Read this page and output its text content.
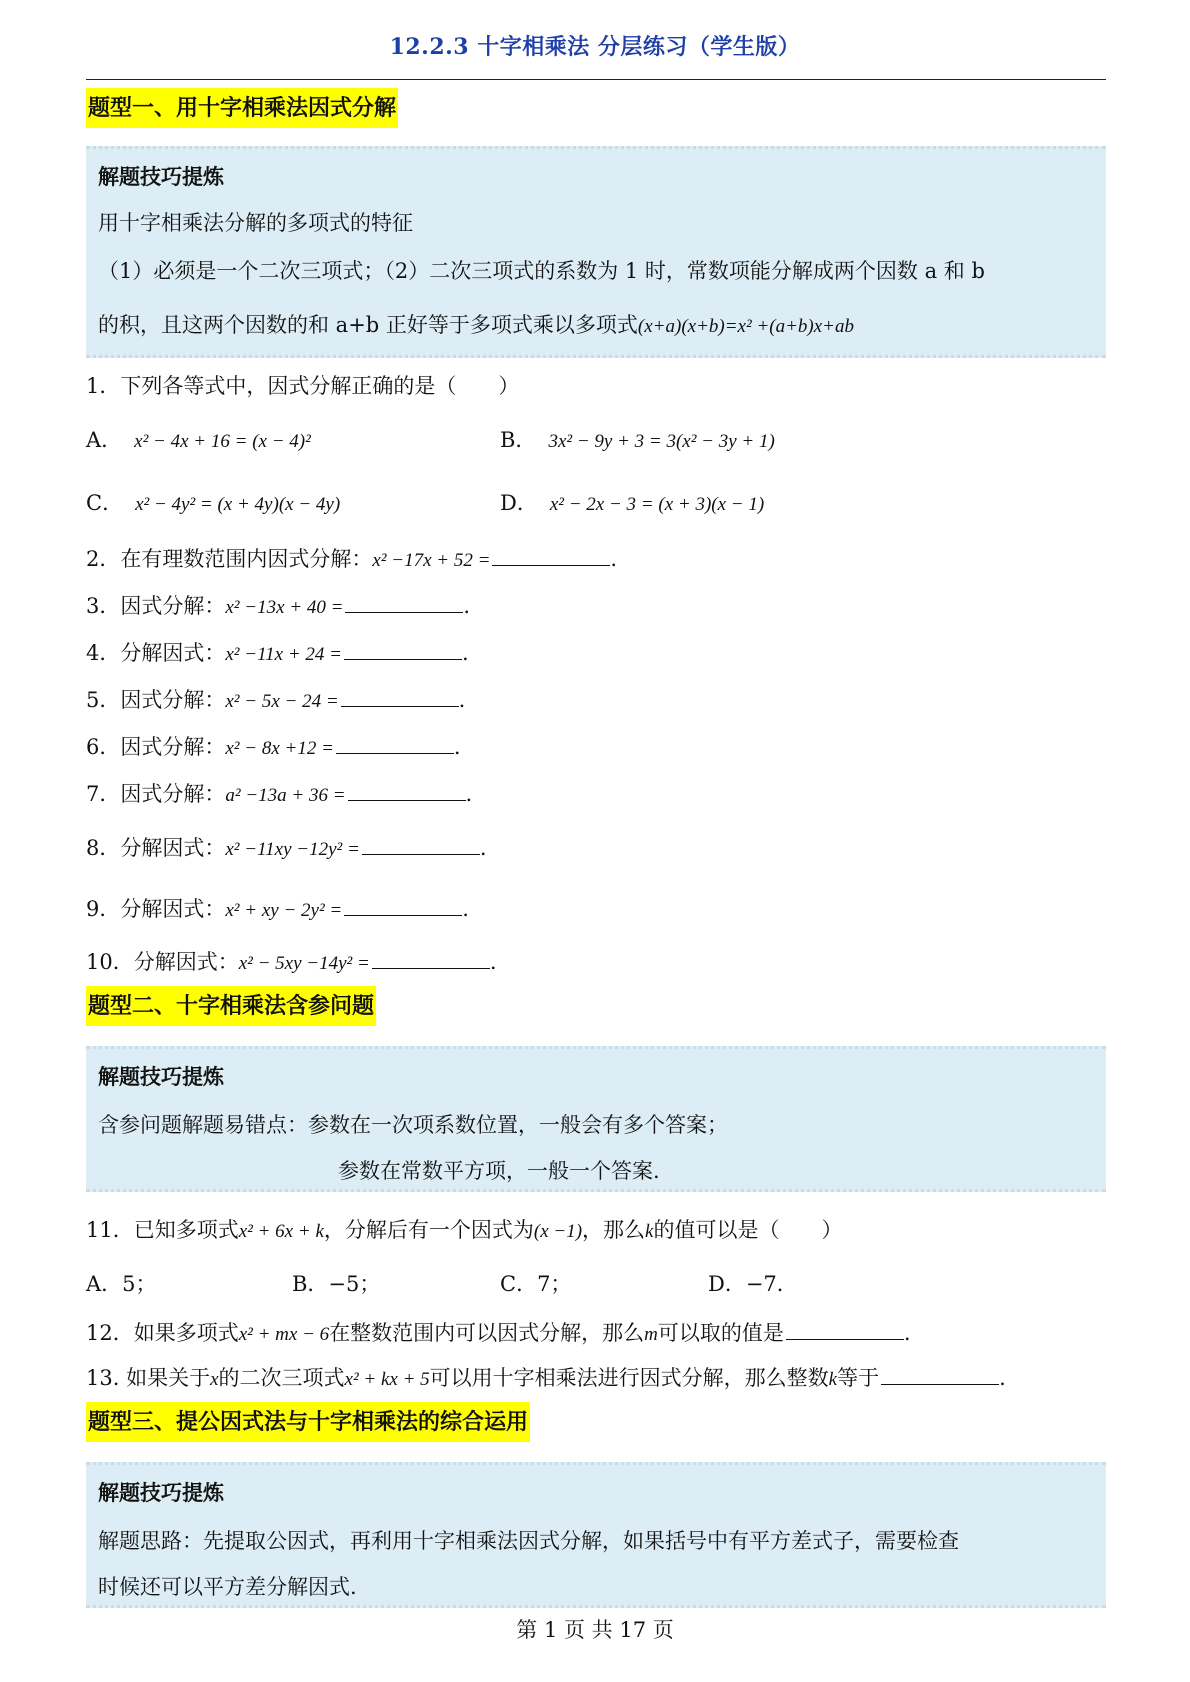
12.2.3 十字相乘法 分层练习（学生版）
题型一、用十字相乘法因式分解
解题技巧提炼
用十字相乘法分解的多项式的特征
（1）必须是一个二次三项式；（2）二次三项式的系数为 1 时，常数项能分解成两个因数 a 和 b
的积，且这两个因数的和 a+b 正好等于多项式乘以多项式(x+a)(x+b)=x² +(a+b)x+ab
1．下列各等式中，因式分解正确的是（　　）
A． x² − 4x + 16 = (x − 4)²	B． 3x² − 9y + 3 = 3(x² − 3y + 1)
C． x² − 4y² = (x + 4y)(x − 4y)	D． x² − 2x − 3 = (x + 3)(x − 1)
2．在有理数范围内因式分解：x² −17x + 52 =	.
3．因式分解：x² −13x + 40 =	.
4．分解因式：x² −11x + 24 =	.
5．因式分解：x² − 5x − 24 =	.
6．因式分解：x² − 8x +12 =	.
7．因式分解：a² −13a + 36 =	.
8．分解因式：x² −11xy −12y² =	.
9．分解因式：x² + xy − 2y² =	.
10．分解因式：x² − 5xy −14y² =	.
题型二、十字相乘法含参问题
解题技巧提炼
含参问题解题易错点：参数在一次项系数位置，一般会有多个答案；
参数在常数平方项，一般一个答案.
11．已知多项式x² + 6x + k，分解后有一个因式为(x −1)，那么k的值可以是（　　）
A．5；	B．−5；	C．7；	D．−7．
12．如果多项式x² + mx − 6在整数范围内可以因式分解，那么m可以取的值是	.
13. 如果关于x的二次三项式x² + kx + 5可以用十字相乘法进行因式分解，那么整数k等于	.
题型三、提公因式法与十字相乘法的综合运用
解题技巧提炼
解题思路：先提取公因式，再利用十字相乘法因式分解，如果括号中有平方差式子，需要检查
时候还可以平方差分解因式.
第 1 页 共 17 页
